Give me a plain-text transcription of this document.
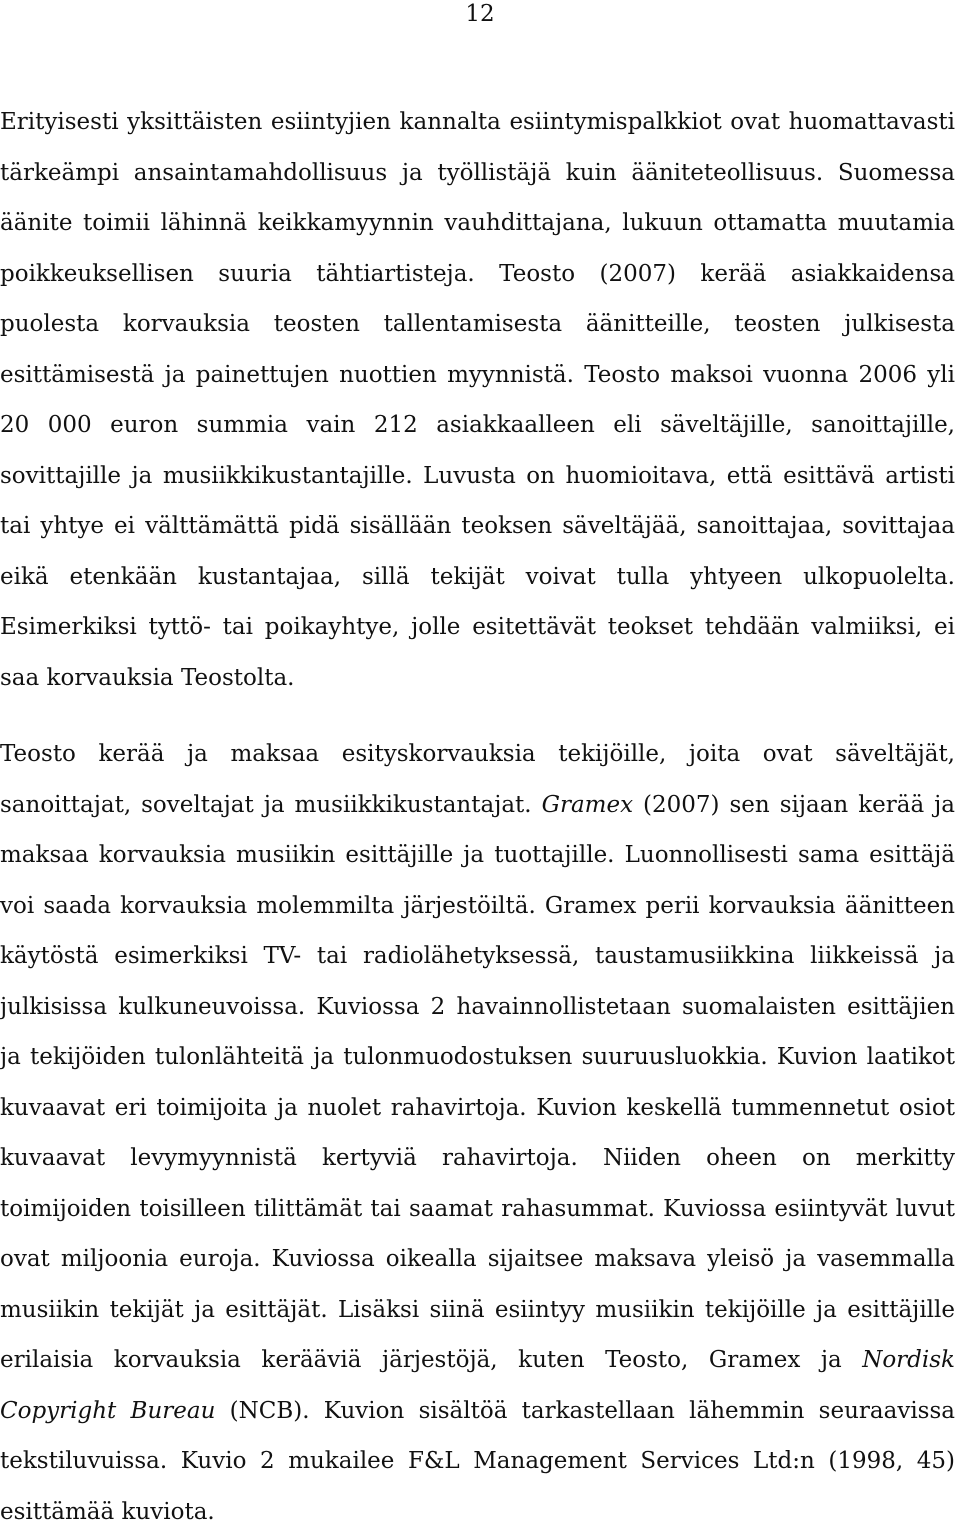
12

Erityisesti yksittäisten esiintyjien kannalta esiintymispalkkiot ovat huomattavasti tärkeämpi ansaintamahdollisuus ja työllistäjä kuin ääniteteollisuus. Suomessa äänite toimii lähinnä keikkamyynnin vauhdittajana, lukuun ottamatta muutamia poikkeuksellisen suuria tähtiartisteja. Teosto (2007) kerää asiakkaidensa puolesta korvauksia teosten tallentamisesta äänitteille, teosten julkisesta esittämisestä ja painettujen nuottien myynnistä. Teosto maksoi vuonna 2006 yli 20 000 euron summia vain 212 asiakkaalleen eli säveltäjille, sanoittajille, sovittajille ja musiikkikustantajille. Luvusta on huomioitava, että esittävä artisti tai yhtye ei välttämättä pidä sisällään teoksen säveltäjää, sanoittajaa, sovittajaa eikä etenkään kustantajaa, sillä tekijät voivat tulla yhtyeen ulkopuolelta. Esimerkiksi tyttö- tai poikayhtye, jolle esitettävät teokset tehdään valmiiksi, ei saa korvauksia Teostolta.

Teosto kerää ja maksaa esityskorvauksia tekijöille, joita ovat säveltäjät, sanoittajat, soveltajat ja musiikkikustantajat. Gramex (2007) sen sijaan kerää ja maksaa korvauksia musiikin esittäjille ja tuottajille. Luonnollisesti sama esittäjä voi saada korvauksia molemmilta järjestöiltä. Gramex perii korvauksia äänitteen käytöstä esimerkiksi TV- tai radiolähetyksessä, taustamusiikkina liikkeissä ja julkisissa kulkuneuvoissa. Kuviossa 2 havainnollistetaan suomalaisten esittäjien ja tekijöiden tulonlähteitä ja tulonmuodostuksen suuruusluokkia. Kuvion laatikot kuvaavat eri toimijoita ja nuolet rahavirtoja. Kuvion keskellä tummennetut osiot kuvaavat levymyynnistä kertyviä rahavirtoja. Niiden oheen on merkitty toimijoiden toisilleen tilittämät tai saamat rahasummat. Kuviossa esiintyvät luvut ovat miljoonia euroja. Kuviossa oikealla sijaitsee maksava yleisö ja vasemmalla musiikin tekijät ja esittäjät. Lisäksi siinä esiintyy musiikin tekijöille ja esittäjille erilaisia korvauksia kerääviä järjestöjä, kuten Teosto, Gramex ja Nordisk Copyright Bureau (NCB). Kuvion sisältöä tarkastellaan lähemmin seuraavissa tekstiluvuissa. Kuvio 2 mukailee F&L Management Services Ltd:n (1998, 45) esittämää kuviota.
